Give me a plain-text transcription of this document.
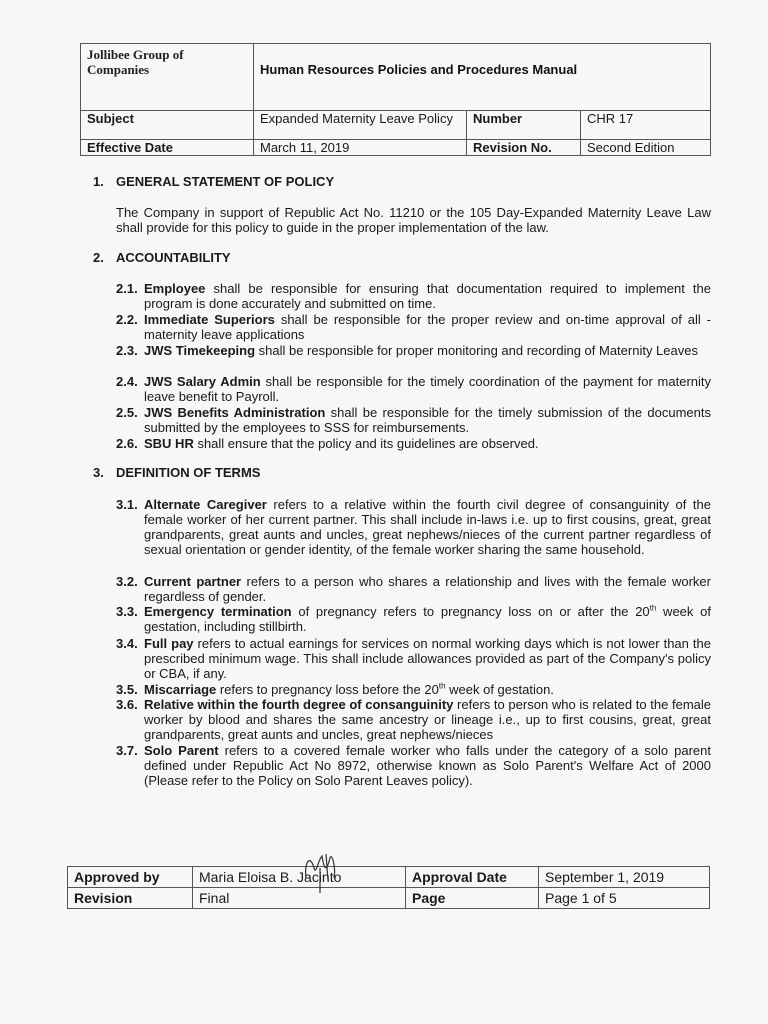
Jollibee Group of Companies	Human Resources Policies and Procedures Manual		
Subject	Expanded Maternity Leave Policy	Number	CHR 17
Effective Date	March 11, 2019	Revision No.	Second Edition
1. GENERAL STATEMENT OF POLICY
The Company in support of Republic Act No. 11210 or the 105 Day-Expanded Maternity Leave Law shall provide for this policy to guide in the proper implementation of the law.
2. ACCOUNTABILITY
2.1. Employee shall be responsible for ensuring that documentation required to implement the program is done accurately and submitted on time.
2.2. Immediate Superiors shall be responsible for the proper review and on-time approval of all -maternity leave applications
2.3. JWS Timekeeping shall be responsible for proper monitoring and recording of Maternity Leaves
2.4. JWS Salary Admin shall be responsible for the timely coordination of the payment for maternity leave benefit to Payroll.
2.5. JWS Benefits Administration shall be responsible for the timely submission of the documents submitted by the employees to SSS for reimbursements.
2.6. SBU HR shall ensure that the policy and its guidelines are observed.
3. DEFINITION OF TERMS
3.1. Alternate Caregiver refers to a relative within the fourth civil degree of consanguinity of the female worker of her current partner. This shall include in-laws i.e. up to first cousins, great, great grandparents, great aunts and uncles, great nephews/nieces of the current partner regardless of sexual orientation or gender identity, of the female worker sharing the same household.
3.2. Current partner refers to a person who shares a relationship and lives with the female worker regardless of gender.
3.3. Emergency termination of pregnancy refers to pregnancy loss on or after the 20th week of gestation, including stillbirth.
3.4. Full pay refers to actual earnings for services on normal working days which is not lower than the prescribed minimum wage. This shall include allowances provided as part of the Company's policy or CBA, if any.
3.5. Miscarriage refers to pregnancy loss before the 20th week of gestation.
3.6. Relative within the fourth degree of consanguinity refers to person who is related to the female worker by blood and shares the same ancestry or lineage i.e., up to first cousins, great, great grandparents, great aunts and uncles, great nephews/nieces
3.7. Solo Parent refers to a covered female worker who falls under the category of a solo parent defined under Republic Act No 8972, otherwise known as Solo Parent's Welfare Act of 2000 (Please refer to the Policy on Solo Parent Leaves policy).
Approved by	Maria Eloisa B. Jacinto	Approval Date	September 1, 2019
Revision	Final	Page	Page 1 of 5
